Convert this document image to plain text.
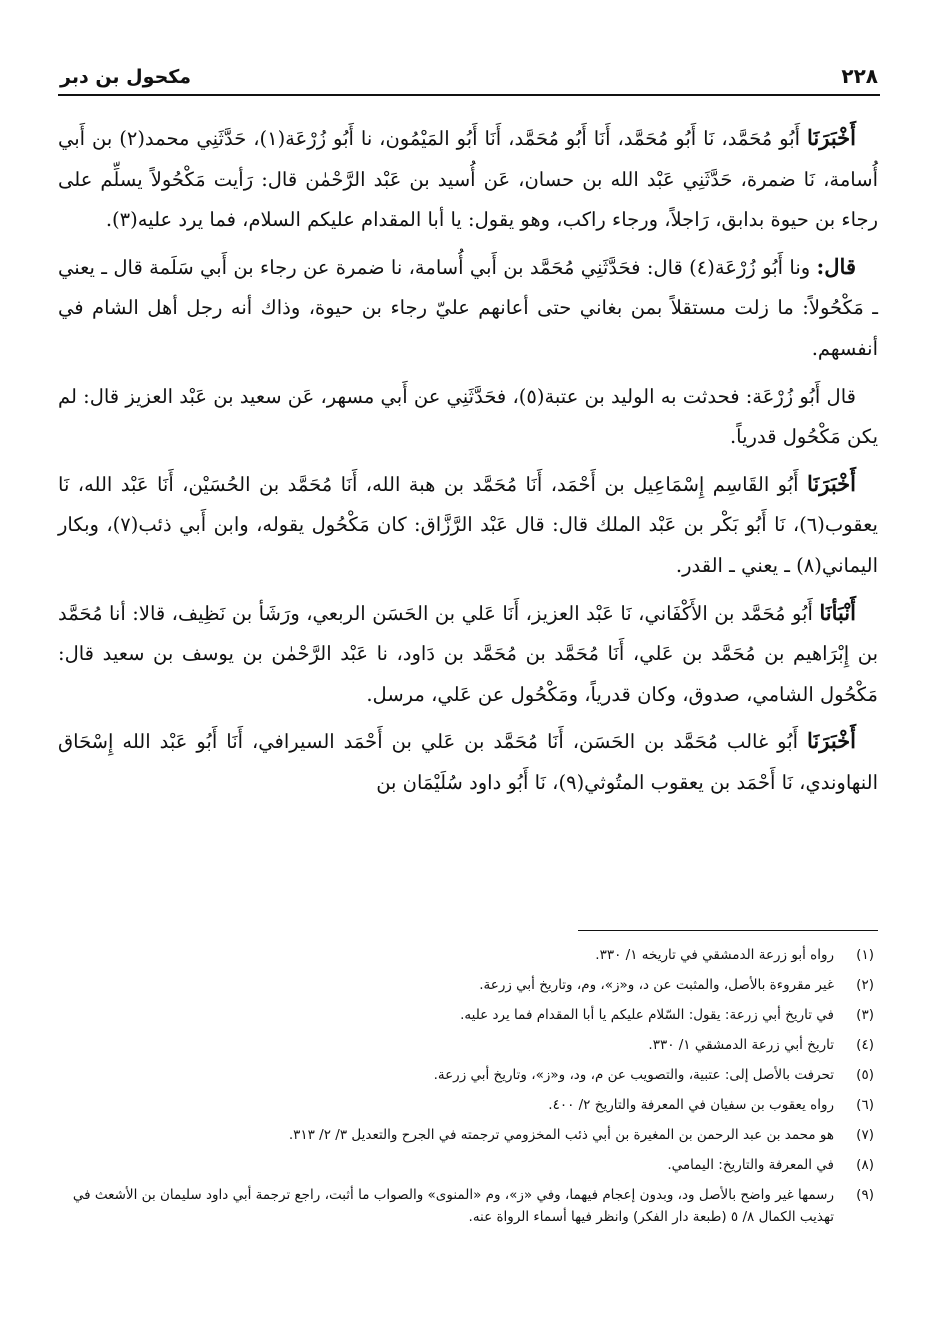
٢٢٨
مكحول بن دبر

أَخْبَرَنَا أَبُو مُحَمَّد، نَا أَبُو مُحَمَّد، أَنَا أَبُو مُحَمَّد، أَنَا أَبُو المَيْمُون، نا أَبُو زُرْعَة(١)، حَدَّثَنِي محمد(٢) بن أَبي أُسامة، نَا ضمرة، حَدَّثَنِي عَبْد الله بن حسان، عَن أُسيد بن عَبْد الرَّحْمٰن قال: رَأيت مَكْحُولاً يسلِّم على رجاء بن حيوة بدابق، رَاجلاً، ورجاء راكب، وهو يقول: يا أبا المقدام عليكم السلام، فما يرد عليه(٣).

قال: ونا أَبُو زُرْعَة(٤) قال: فحَدَّثَنِي مُحَمَّد بن أَبي أُسامة، نا ضمرة عن رجاء بن أَبي سَلَمة قال ـ يعني ـ مَكْحُولاً: ما زلت مستقلاً بمن بغاني حتى أعانهم عليّ رجاء بن حيوة، وذاك أنه رجل أهل الشام في أنفسهم.

قال أَبُو زُرْعَة: فحدثت به الوليد بن عتبة(٥)، فحَدَّثَنِي عن أَبي مسهر، عَن سعيد بن عَبْد العزيز قال: لم يكن مَكْحُول قدرياً.

أَخْبَرَنَا أَبُو القَاسِم إِسْمَاعِيل بن أَحْمَد، أَنَا مُحَمَّد بن هبة الله، أَنَا مُحَمَّد بن الحُسَيْن، أَنَا عَبْد الله، نَا يعقوب(٦)، نَا أَبُو بَكْر بن عَبْد الملك قال: قال عَبْد الرَّزَّاق: كان مَكْحُول يقوله، وابن أَبي ذئب(٧)، وبكار اليماني(٨) ـ يعني ـ القدر.

أَنْبَأنَا أَبُو مُحَمَّد بن الأَكْفَاني، نَا عَبْد العزيز، أَنَا عَلي بن الحَسَن الربعي، ورَشَأ بن نَظِيف، قالا: أنا مُحَمَّد بن إِبْرَاهيم بن مُحَمَّد بن عَلي، أَنَا مُحَمَّد بن مُحَمَّد بن دَاود، نا عَبْد الرَّحْمٰن بن يوسف بن سعيد قال: مَكْحُول الشامي، صدوق، وكان قدرياً، ومَكْحُول عن عَلي، مرسل.

أَخْبَرَنَا أَبُو غالب مُحَمَّد بن الحَسَن، أَنَا مُحَمَّد بن عَلي بن أَحْمَد السيرافي، أَنَا أَبُو عَبْد الله إِسْحَاق النهاوندي، نَا أَحْمَد بن يعقوب المتُوثي(٩)، نَا أَبُو داود سُلَيْمَان بن

(١)
رواه أبو زرعة الدمشقي في تاريخه ١/ ٣٣٠.
(٢)
غير مقروءة بالأصل، والمثبت عن د، و«ز»، وم، وتاريخ أبي زرعة.
(٣)
في تاريخ أبي زرعة: يقول: السّلام عليكم يا أبا المقدام فما يرد عليه.
(٤)
تاريخ أبي زرعة الدمشقي ١/ ٣٣٠.
(٥)
تحرفت بالأصل إلى: عتبية، والتصويب عن م، ود، و«ز»، وتاريخ أبي زرعة.
(٦)
رواه يعقوب بن سفيان في المعرفة والتاريخ ٢/ ٤٠٠.
(٧)
هو محمد بن عبد الرحمن بن المغيرة بن أبي ذئب المخزومي ترجمته في الجرح والتعديل ٣/ ٢/ ٣١٣.
(٨)
في المعرفة والتاريخ: اليمامي.
(٩)
رسمها غير واضح بالأصل ود، وبدون إعجام فيهما، وفي «ز»، وم «المنوى» والصواب ما أثبت، راجع ترجمة أبي داود سليمان بن الأشعث في تهذيب الكمال ٨/ ٥ (طبعة دار الفكر) وانظر فيها أسماء الرواة عنه.
